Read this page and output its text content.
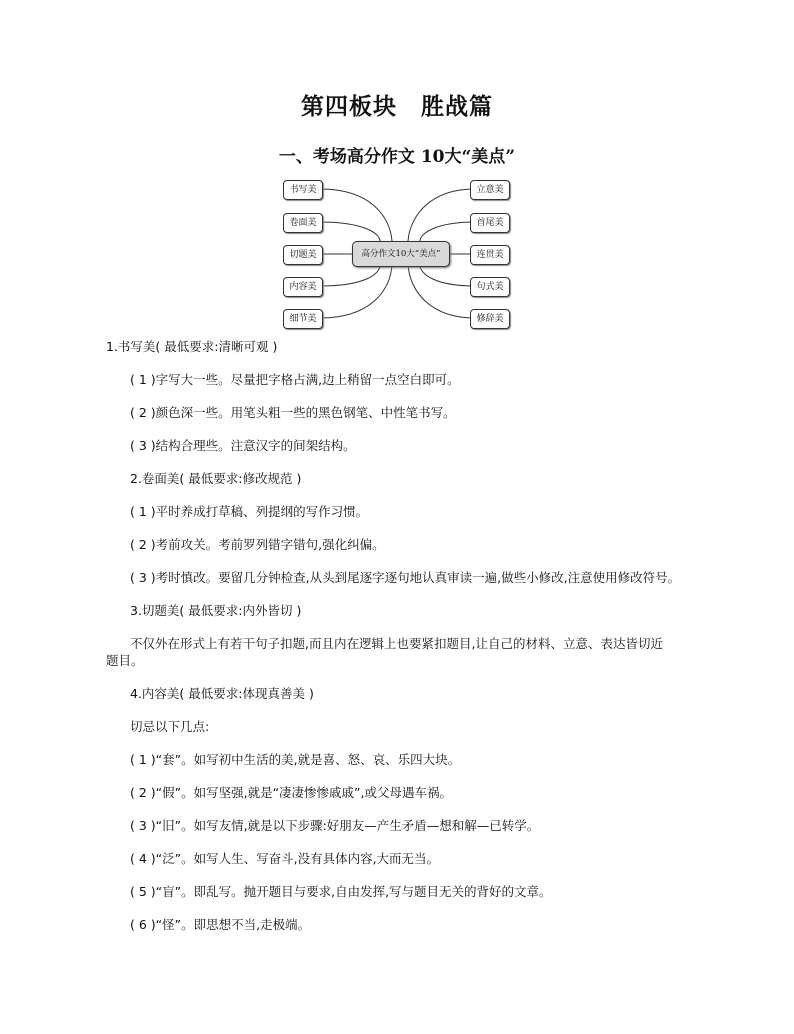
第四板块　胜战篇
一、考场高分作文 10大“美点”
书写美
卷面美
切题美
内容美
细节美
高分作文10大“美点”
立意美
首尾美
连贯美
句式美
修辞美

1.书写美( 最低要求:清晰可观 )

( 1 )字写大一些。尽量把字格占满,边上稍留一点空白即可。

( 2 )颜色深一些。用笔头粗一些的黑色钢笔、中性笔书写。

( 3 )结构合理些。注意汉字的间架结构。

2.卷面美( 最低要求:修改规范 )

( 1 )平时养成打草稿、列提纲的写作习惯。

( 2 )考前攻关。考前罗列错字错句,强化纠偏。

( 3 )考时慎改。要留几分钟检查,从头到尾逐字逐句地认真审读一遍,做些小修改,注意使用修改符号。

3.切题美( 最低要求:内外皆切 )

不仅外在形式上有若干句子扣题,而且内在逻辑上也要紧扣题目,让自己的材料、立意、表达皆切近题目。

4.内容美( 最低要求:体现真善美 )

切忌以下几点:

( 1 )“套”。如写初中生活的美,就是喜、怒、哀、乐四大块。

( 2 )“假”。如写坚强,就是“凄凄惨惨戚戚”,或父母遇车祸。

( 3 )“旧”。如写友情,就是以下步骤:好朋友—产生矛盾—想和解—已转学。

( 4 )“泛”。如写人生、写奋斗,没有具体内容,大而无当。

( 5 )“盲”。即乱写。抛开题目与要求,自由发挥,写与题目无关的背好的文章。

( 6 )“怪”。即思想不当,走极端。
